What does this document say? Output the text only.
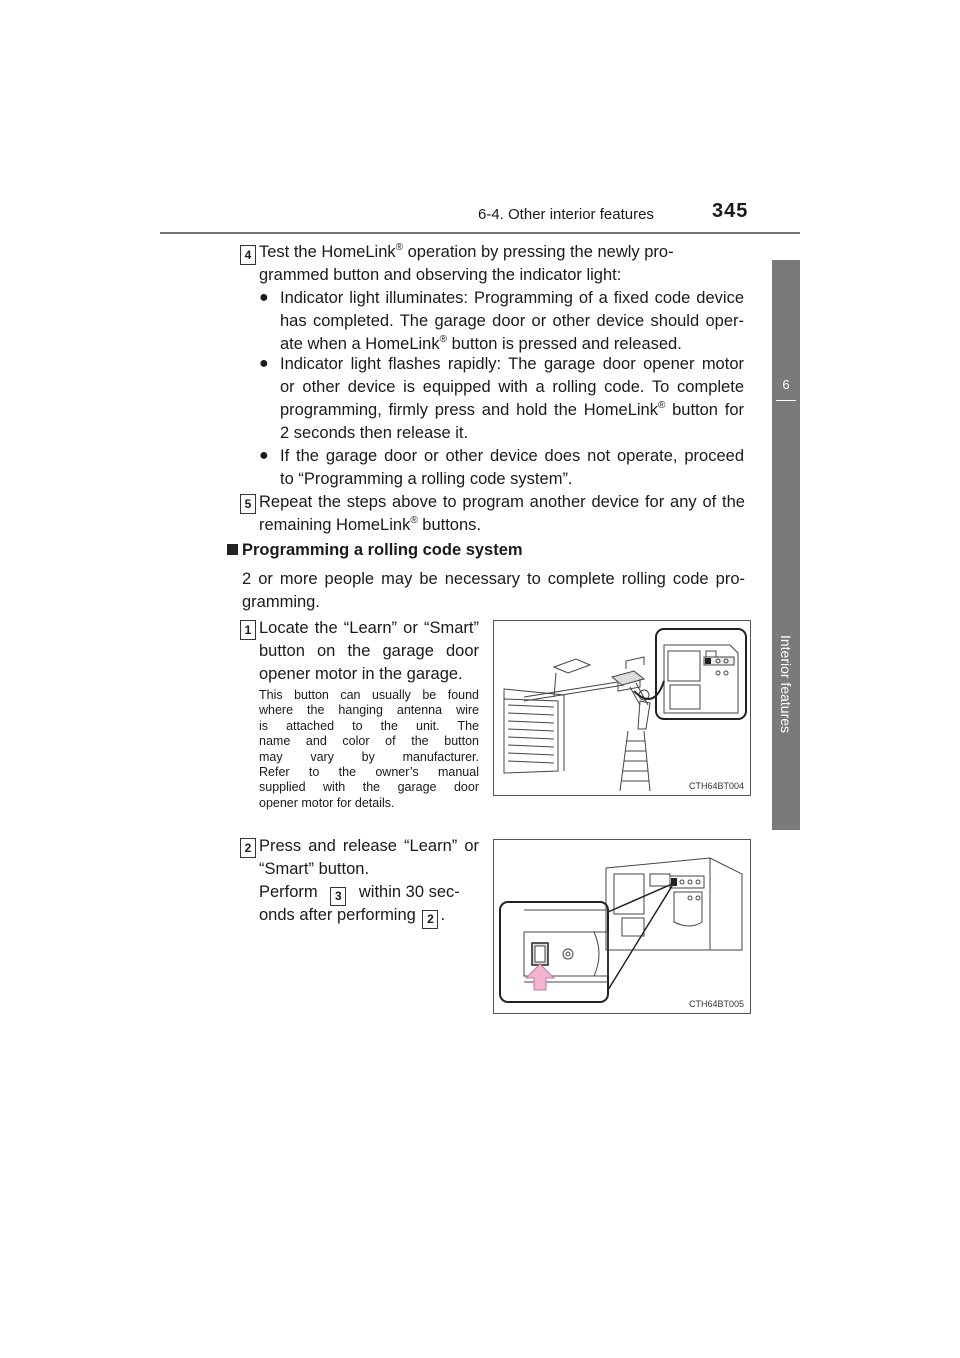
6-4. Other interior features	345
6
Interior features
4 Test the HomeLink® operation by pressing the newly pro-
grammed button and observing the indicator light:
● Indicator light illuminates: Programming of a fixed code device
has completed. The garage door or other device should oper-
ate when a HomeLink® button is pressed and released.
● Indicator light flashes rapidly: The garage door opener motor
or other device is equipped with a rolling code. To complete
programming, firmly press and hold the HomeLink® button for
2 seconds then release it.
● If the garage door or other device does not operate, proceed
to “Programming a rolling code system”.
5 Repeat the steps above to program another device for any of the
remaining HomeLink® buttons.
Programming a rolling code system
2 or more people may be necessary to complete rolling code pro-
gramming.
1 Locate the “Learn” or “Smart”
button on the garage door
opener motor in the garage.
This button can usually be found
where the hanging antenna wire
is attached to the unit. The
name and color of the button
may vary by manufacturer.
Refer to the owner’s manual
supplied with the garage door
opener motor for details.
CTH64BT004
2 Press and release “Learn” or
“Smart” button.
Perform 3 within 30 sec-
onds after performing 2 .
CTH64BT005
